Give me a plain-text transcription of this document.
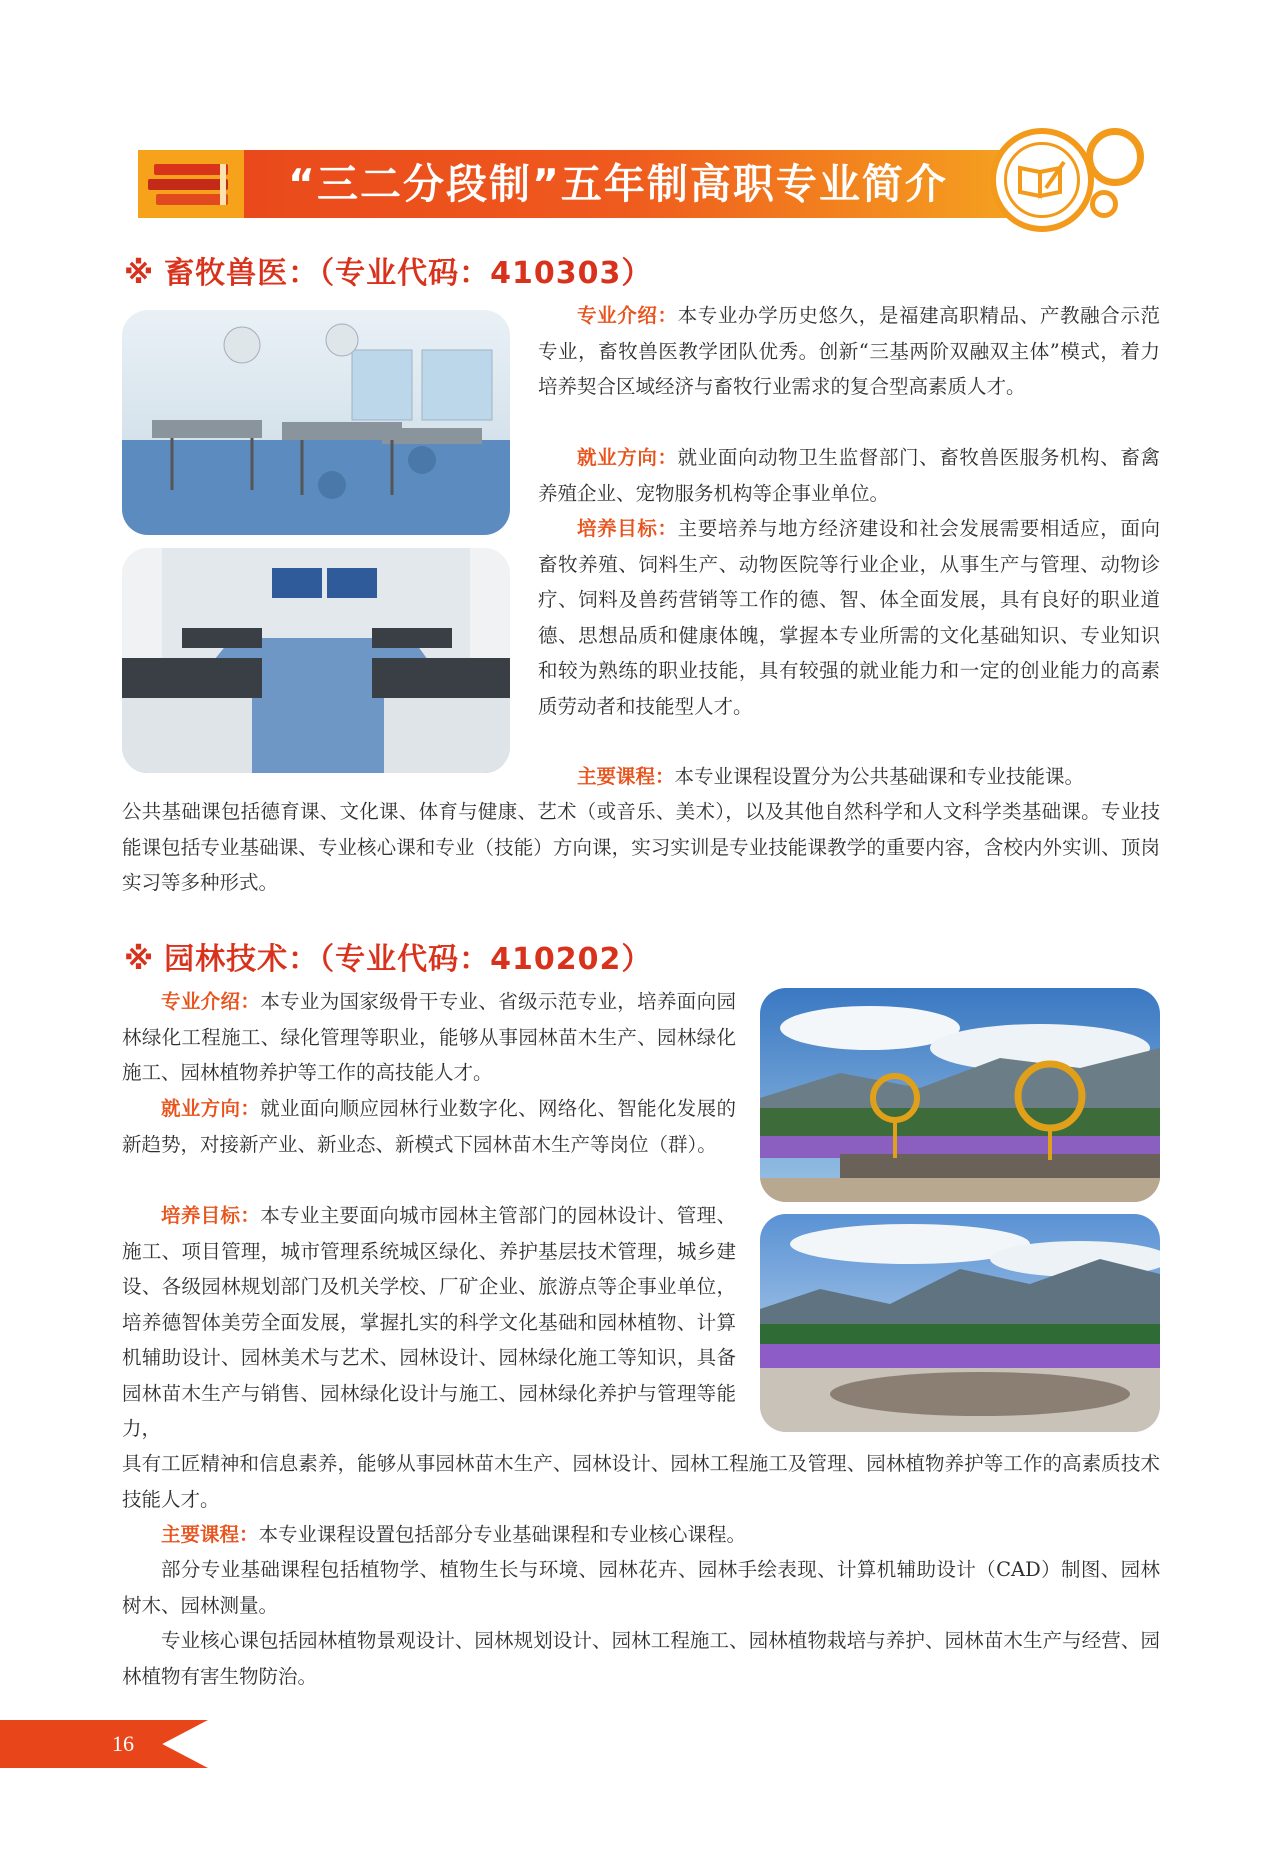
“三二分段制”五年制高职专业简介
※ 畜牧兽医：（专业代码：410303）
专业介绍：本专业办学历史悠久，是福建高职精品、产教融合示范专业，畜牧兽医教学团队优秀。创新“三基两阶双融双主体”模式，着力培养契合区域经济与畜牧行业需求的复合型高素质人才。
就业方向：就业面向动物卫生监督部门、畜牧兽医服务机构、畜禽养殖企业、宠物服务机构等企事业单位。
培养目标：主要培养与地方经济建设和社会发展需要相适应，面向畜牧养殖、饲料生产、动物医院等行业企业，从事生产与管理、动物诊疗、饲料及兽药营销等工作的德、智、体全面发展，具有良好的职业道德、思想品质和健康体魄，掌握本专业所需的文化基础知识、专业知识和较为熟练的职业技能，具有较强的就业能力和一定的创业能力的高素质劳动者和技能型人才。
主要课程：本专业课程设置分为公共基础课和专业技能课。
公共基础课包括德育课、文化课、体育与健康、艺术（或音乐、美术），以及其他自然科学和人文科学类基础课。专业技能课包括专业基础课、专业核心课和专业（技能）方向课，实习实训是专业技能课教学的重要内容，含校内外实训、顶岗实习等多种形式。
※ 园林技术：（专业代码：410202）
专业介绍：本专业为国家级骨干专业、省级示范专业，培养面向园林绿化工程施工、绿化管理等职业，能够从事园林苗木生产、园林绿化施工、园林植物养护等工作的高技能人才。
就业方向：就业面向顺应园林行业数字化、网络化、智能化发展的新趋势，对接新产业、新业态、新模式下园林苗木生产等岗位（群）。
培养目标：本专业主要面向城市园林主管部门的园林设计、管理、施工、项目管理，城市管理系统城区绿化、养护基层技术管理，城乡建设、各级园林规划部门及机关学校、厂矿企业、旅游点等企事业单位，培养德智体美劳全面发展，掌握扎实的科学文化基础和园林植物、计算机辅助设计、园林美术与艺术、园林设计、园林绿化施工等知识，具备园林苗木生产与销售、园林绿化设计与施工、园林绿化养护与管理等能力，
具有工匠精神和信息素养，能够从事园林苗木生产、园林设计、园林工程施工及管理、园林植物养护等工作的高素质技术技能人才。
主要课程：本专业课程设置包括部分专业基础课程和专业核心课程。
部分专业基础课程包括植物学、植物生长与环境、园林花卉、园林手绘表现、计算机辅助设计（CAD）制图、园林树木、园林测量。
专业核心课包括园林植物景观设计、园林规划设计、园林工程施工、园林植物栽培与养护、园林苗木生产与经营、园林植物有害生物防治。
16
